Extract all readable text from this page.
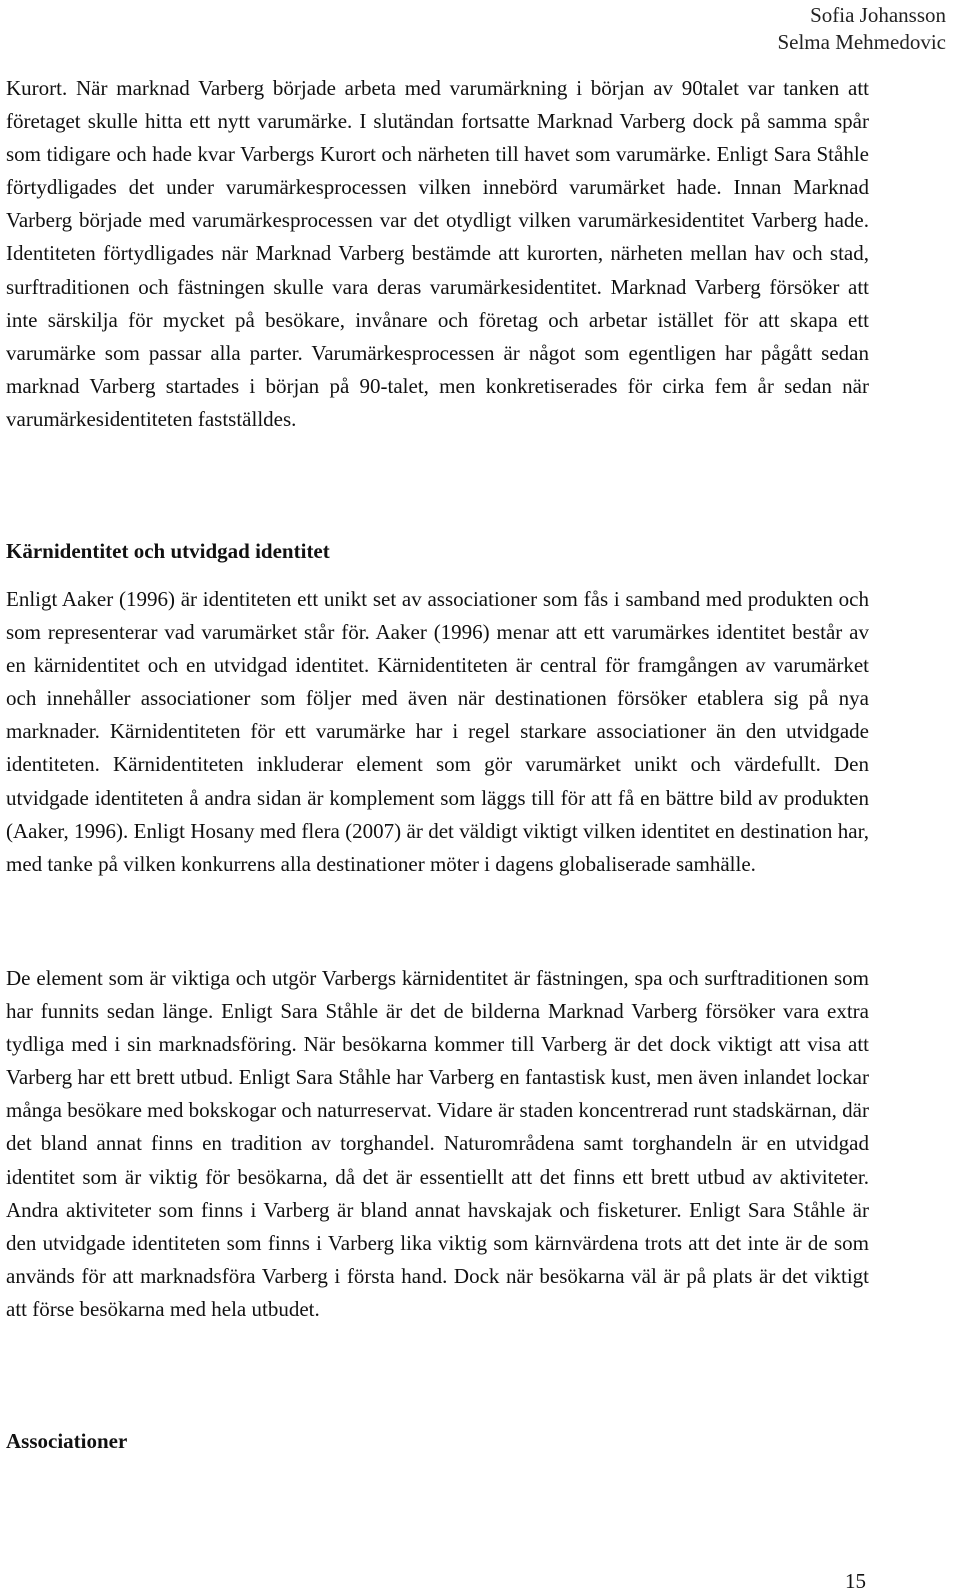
Sofia Johansson
Selma Mehmedovic

Kurort. När marknad Varberg började arbeta med varumärkning i början av 90talet var tanken att företaget skulle hitta ett nytt varumärke. I slutändan fortsatte Marknad Varberg dock på samma spår som tidigare och hade kvar Varbergs Kurort och närheten till havet som varumärke. Enligt Sara Ståhle förtydligades det under varumärkesprocessen vilken innebörd varumärket hade. Innan Marknad Varberg började med varumärkesprocessen var det otydligt vilken varumärkesidentitet Varberg hade. Identiteten förtydligades när Marknad Varberg bestämde att kurorten, närheten mellan hav och stad, surftraditionen och fästningen skulle vara deras varumärkesidentitet. Marknad Varberg försöker att inte särskilja för mycket på besökare, invånare och företag och arbetar istället för att skapa ett varumärke som passar alla parter. Varumärkesprocessen är något som egentligen har pågått sedan marknad Varberg startades i början på 90-talet, men konkretiserades för cirka fem år sedan när varumärkesidentiteten fastställdes.

Kärnidentitet och utvidgad identitet

Enligt Aaker (1996) är identiteten ett unikt set av associationer som fås i samband med produkten och som representerar vad varumärket står för. Aaker (1996) menar att ett varumärkes identitet består av en kärnidentitet och en utvidgad identitet. Kärnidentiteten är central för framgången av varumärket och innehåller associationer som följer med även när destinationen försöker etablera sig på nya marknader. Kärnidentiteten för ett varumärke har i regel starkare associationer än den utvidgade identiteten. Kärnidentiteten inkluderar element som gör varumärket unikt och värdefullt. Den utvidgade identiteten å andra sidan är komplement som läggs till för att få en bättre bild av produkten (Aaker, 1996). Enligt Hosany med flera (2007) är det väldigt viktigt vilken identitet en destination har, med tanke på vilken konkurrens alla destinationer möter i dagens globaliserade samhälle.

De element som är viktiga och utgör Varbergs kärnidentitet är fästningen, spa och surftraditionen som har funnits sedan länge. Enligt Sara Ståhle är det de bilderna Marknad Varberg försöker vara extra tydliga med i sin marknadsföring. När besökarna kommer till Varberg är det dock viktigt att visa att Varberg har ett brett utbud. Enligt Sara Ståhle har Varberg en fantastisk kust, men även inlandet lockar många besökare med bokskogar och naturreservat. Vidare är staden koncentrerad runt stadskärnan, där det bland annat finns en tradition av torghandel. Naturområdena samt torghandeln är en utvidgad identitet som är viktig för besökarna, då det är essentiellt att det finns ett brett utbud av aktiviteter. Andra aktiviteter som finns i Varberg är bland annat havskajak och fisketurer. Enligt Sara Ståhle är den utvidgade identiteten som finns i Varberg lika viktig som kärnvärdena trots att det inte är de som används för att marknadsföra Varberg i första hand. Dock när besökarna väl är på plats är det viktigt att förse besökarna med hela utbudet.

Associationer
15
